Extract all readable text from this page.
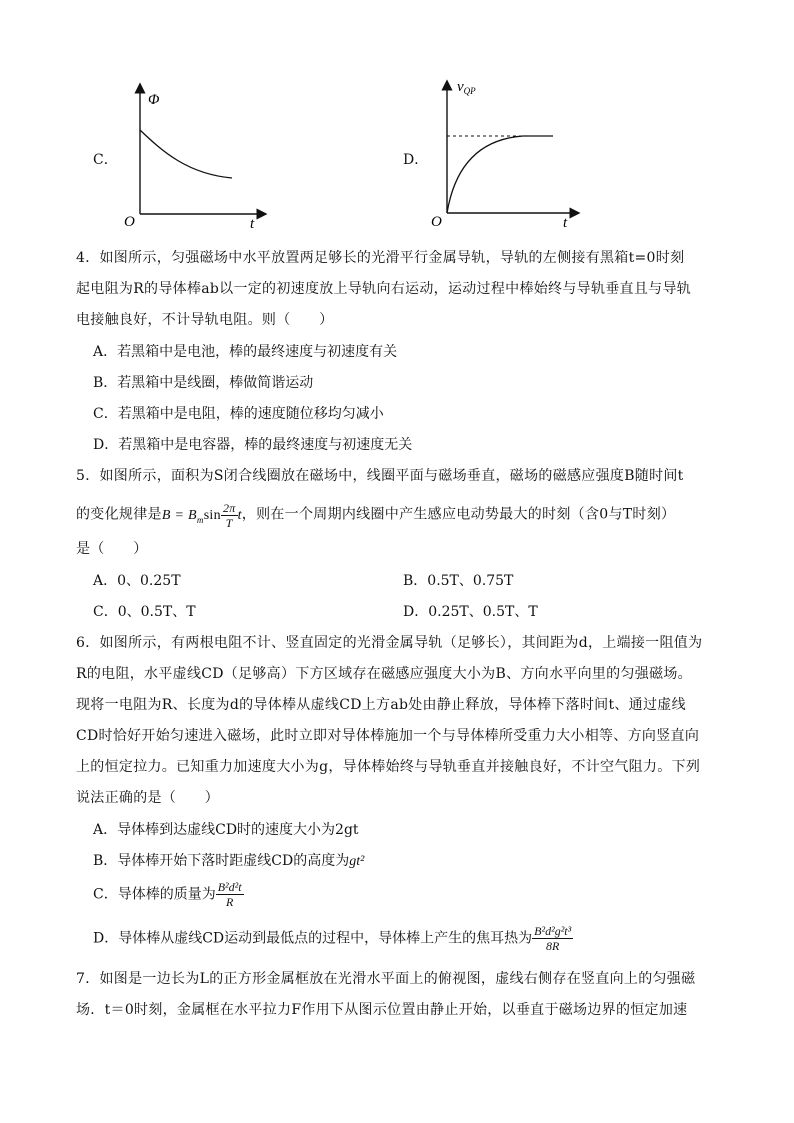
C．
Φ
O	t
D．
$v_{QP}$
O	t
4．如图所示，匀强磁场中水平放置两足够长的光滑平行金属导轨，导轨的左侧接有黑箱t=0时刻
起电阻为R的导体棒ab以一定的初速度放上导轨向右运动，运动过程中棒始终与导轨垂直且与导轨
电接触良好，不计导轨电阻。则（　　）
A．若黑箱中是电池，棒的最终速度与初速度有关
B．若黑箱中是线圈，棒做简谐运动
C．若黑箱中是电阻，棒的速度随位移均匀减小
D．若黑箱中是电容器，棒的最终速度与初速度无关
5．如图所示，面积为S闭合线圈放在磁场中，线圈平面与磁场垂直，磁场的磁感应强度B随时间t
的变化规律是$B = B_m\sin \frac{2\pi}{T}$ t，则在一个周期内线圈中产生感应电动势最大的时刻（含0与T时刻）
是（　　）
A．0、0.25T	B．0.5T、0.75T
C．0、0.5T、T	D．0.25T、0.5T、T
6．如图所示，有两根电阻不计、竖直固定的光滑金属导轨（足够长），其间距为d，上端接一阻值为
R的电阻，水平虚线CD（足够高）下方区域存在磁感应强度大小为B、方向水平向里的匀强磁场。
现将一电阻为R、长度为d的导体棒从虚线CD上方ab处由静止释放，导体棒下落时间t、通过虚线
CD时恰好开始匀速进入磁场，此时立即对导体棒施加一个与导体棒所受重力大小相等、方向竖直向
上的恒定拉力。已知重力加速度大小为g，导体棒始终与导轨垂直并接触良好，不计空气阻力。下列
说法正确的是（　　）
A．导体棒到达虚线CD时的速度大小为2gt
B．导体棒开始下落时距虚线CD的高度为gt²
C．导体棒的质量为 $\frac{\text{B²d²t}}{R}$
D．导体棒从虚线CD运动到最低点的过程中，导体棒上产生的焦耳热为 $\frac{\text{B²d²g²t³}}{8R}$
7．如图是一边长为L的正方形金属框放在光滑水平面上的俯视图，虚线右侧存在竖直向上的匀强磁
场．t＝0时刻，金属框在水平拉力F作用下从图示位置由静止开始，以垂直于磁场边界的恒定加速
